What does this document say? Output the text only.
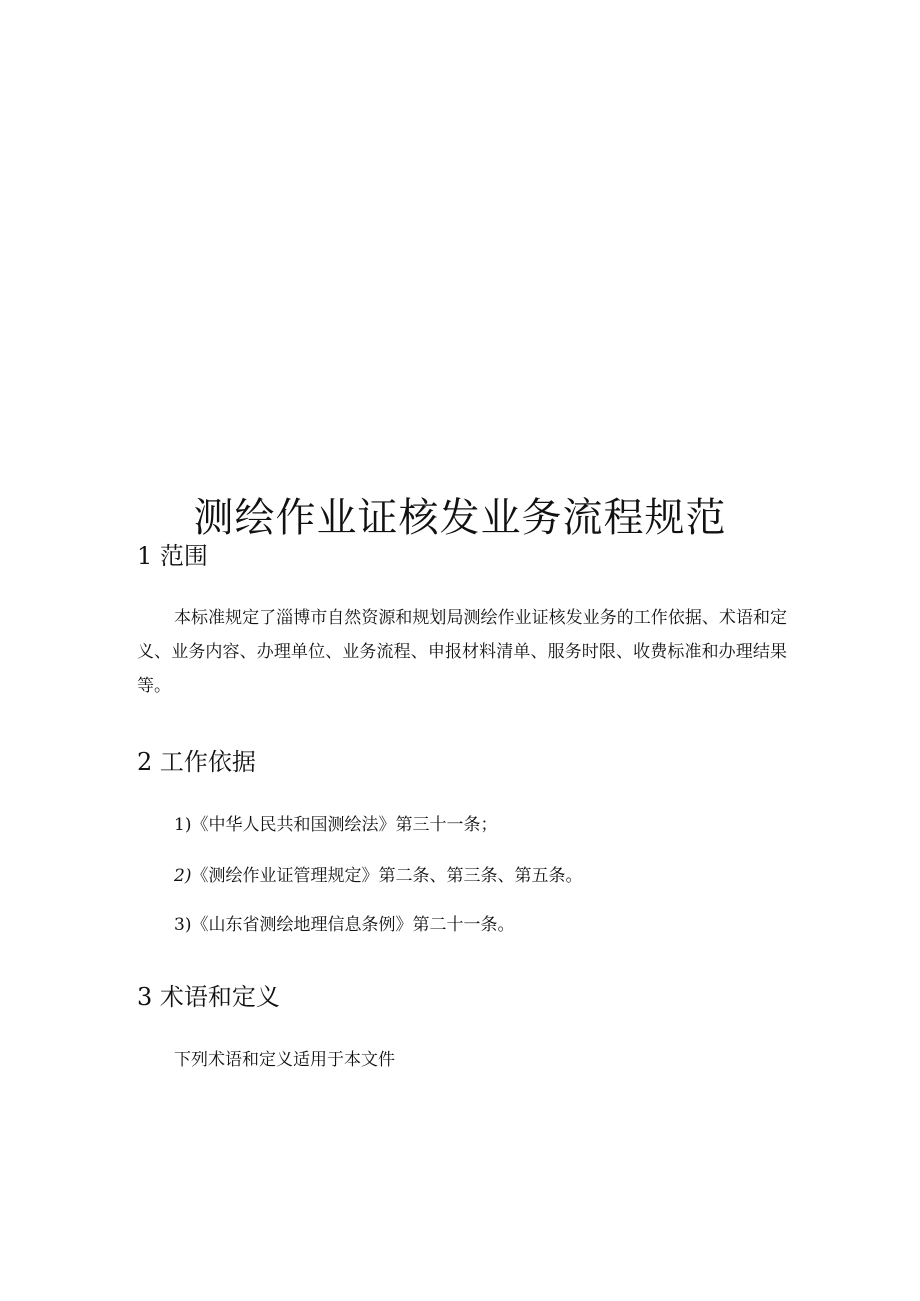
测绘作业证核发业务流程规范
1 范围
本标准规定了淄博市自然资源和规划局测绘作业证核发业务的工作依据、术语和定义、业务内容、办理单位、业务流程、申报材料清单、服务时限、收费标准和办理结果等。
2 工作依据
1)《中华人民共和国测绘法》第三十一条；
2)《测绘作业证管理规定》第二条、第三条、第五条。
3)《山东省测绘地理信息条例》第二十一条。
3 术语和定义
下列术语和定义适用于本文件
